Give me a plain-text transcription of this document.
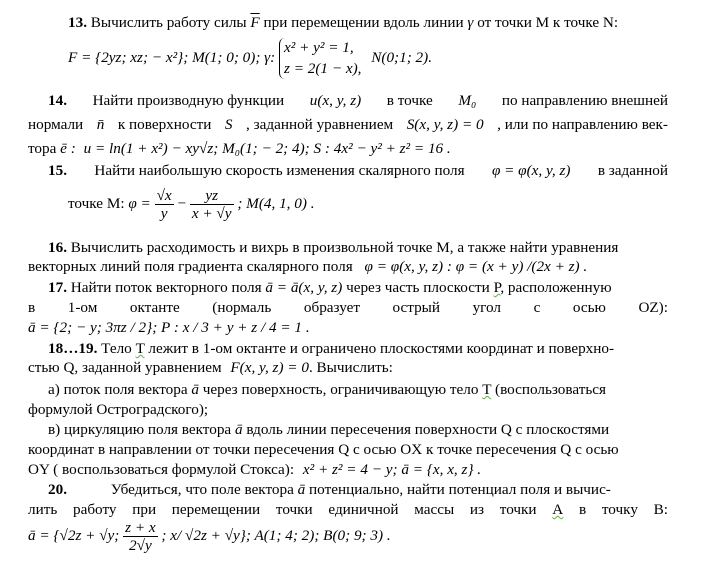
13. Вычислить работу силы $\overline{F}$ при перемещении вдоль линии γ от точки M к точке N:
F = {2yz; xz; − x²}; M(1; 0; 0); γ:
x² + y² = 1,
z = 2(1 − x),
N(0;1; 2).
14. Найти производную функции u(x, y, z) в точке M₀ по направлению внешней
нормали n̄ к поверхности S , заданной уравнением S(x, y, z) = 0 , или по направлению век-
тора ē : u = ln(1 + x²) − xy√z; M₀(1; − 2; 4); S : 4x² − y² + z² = 16 .
15. Найти наибольшую скорость изменения скалярного поля φ = φ(x, y, z) в заданной
точке M: $\varphi = \frac{√x}{y} - \frac{yz}{x + √y}$ ; M(4, 1, 0) .
16. Вычислить расходимость и вихрь в произвольной точке M, а также найти уравнения
векторных линий поля градиента скалярного поля φ = φ(x, y, z) : φ = (x + y) /(2x + z) .
17. Найти поток векторного поля ā = ā(x, y, z) через часть плоскости P, расположенную
в 1-ом октанте (нормаль образует острый угол с осью OZ):
ā = {2; − y; 3πz / 2}; P : x / 3 + y + z / 4 = 1 .
18…19. Тело T лежит в 1-ом октанте и ограничено плоскостями координат и поверхно-
стью Q, заданной уравнением F(x, y, z) = 0. Вычислить:
а) поток поля вектора ā через поверхность, ограничивающую тело T (воспользоваться
формулой Остроградского);
в) циркуляцию поля вектора ā вдоль линии пересечения поверхности Q с плоскостями
координат в направлении от точки пересечения Q с осью OX к точке пересечения Q с осью
OY ( воспользоваться формулой Стокса): x² + z² = 4 − y; ā = {x, x, z} .
20.	Убедиться, что поле вектора ā потенциально, найти потенциал поля и вычис-
лить работу при перемещении точки единичной массы из точки A в точку B:
ā = {√2z + √y; $\frac{z + x}{2√y}$ ; x/ √2z + √y}; A(1; 4; 2); B(0; 9; 3) .
